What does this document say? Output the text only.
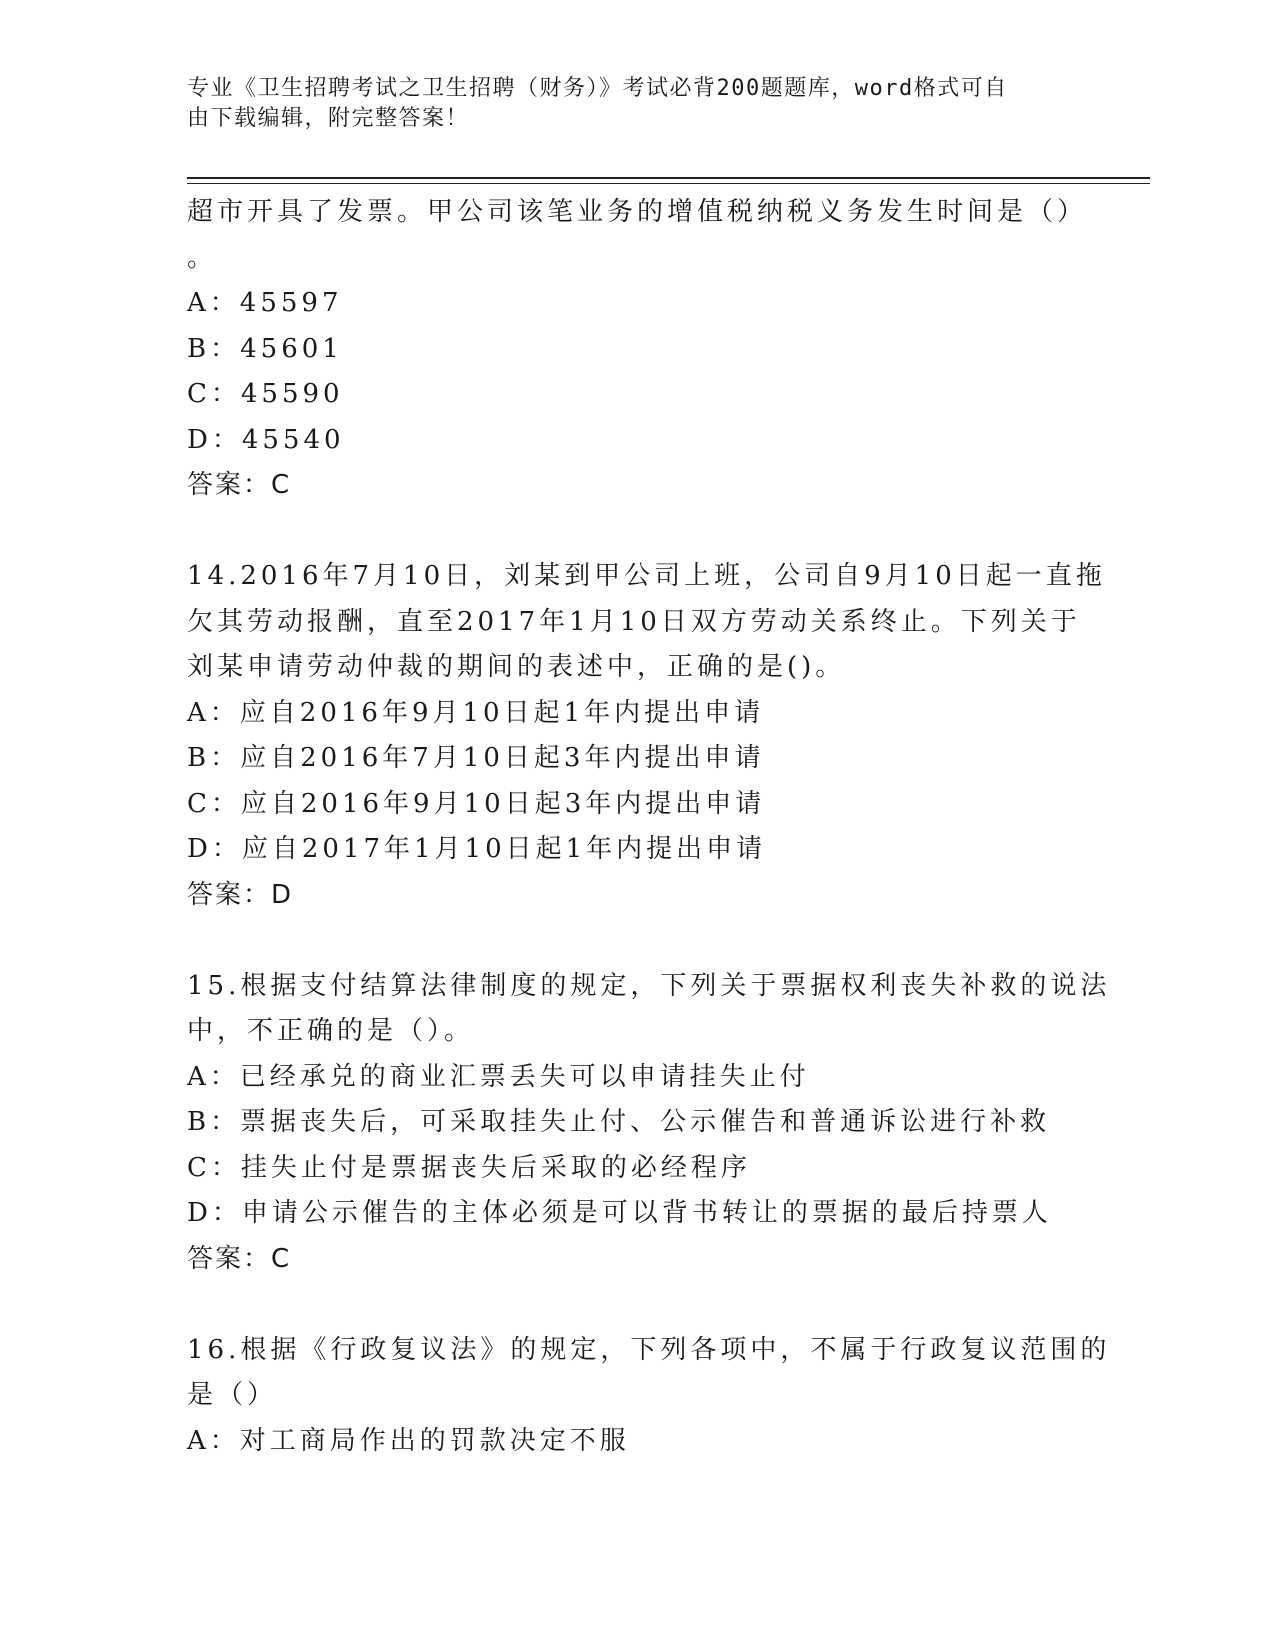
专业《卫生招聘考试之卫生招聘（财务）》考试必背200题题库，word格式可自

由下载编辑，附完整答案！

超市开具了发票。甲公司该笔业务的增值税纳税义务发生时间是（）
。
A：45597
B：45601
C：45590
D：45540
答案：C
14.2016年7月10日，刘某到甲公司上班，公司自9月10日起一直拖
欠其劳动报酬，直至2017年1月10日双方劳动关系终止。下列关于
刘某申请劳动仲裁的期间的表述中，正确的是()。
A：应自2016年9月10日起1年内提出申请
B：应自2016年7月10日起3年内提出申请
C：应自2016年9月10日起3年内提出申请
D：应自2017年1月10日起1年内提出申请
答案：D
15.根据支付结算法律制度的规定，下列关于票据权利丧失补救的说法
中，不正确的是（）。
A：已经承兑的商业汇票丢失可以申请挂失止付
B：票据丧失后，可采取挂失止付、公示催告和普通诉讼进行补救
C：挂失止付是票据丧失后采取的必经程序
D：申请公示催告的主体必须是可以背书转让的票据的最后持票人
答案：C
16.根据《行政复议法》的规定，下列各项中，不属于行政复议范围的
是（）
A：对工商局作出的罚款决定不服
